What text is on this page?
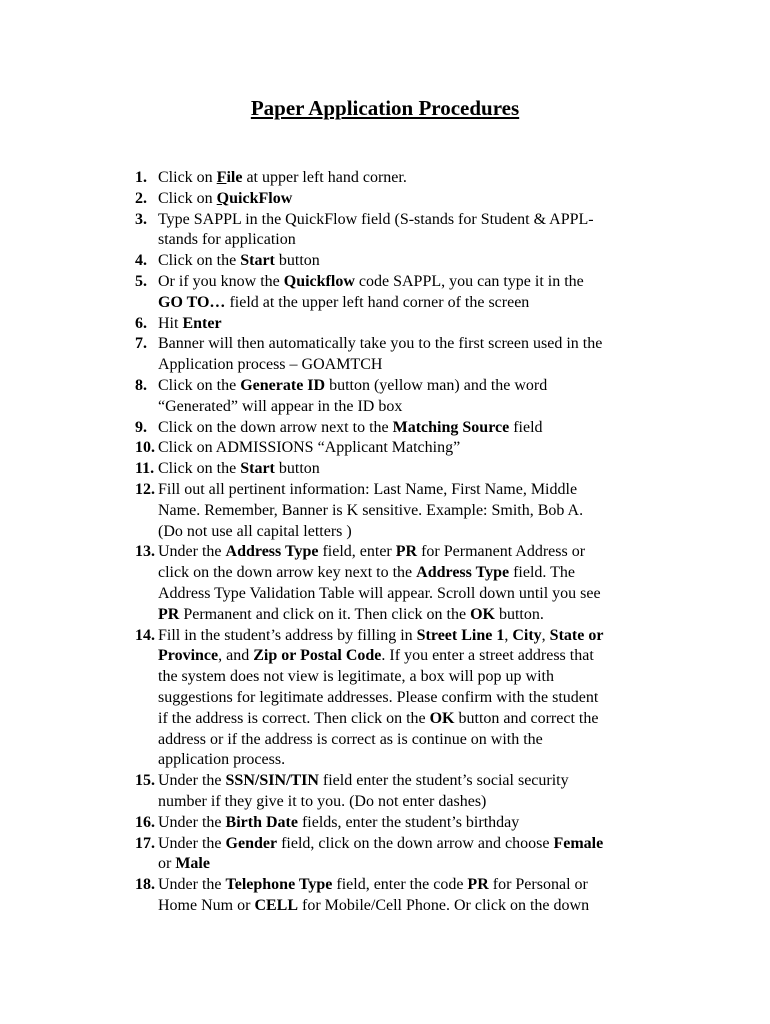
Paper Application Procedures
1. Click on File at upper left hand corner.
2. Click on QuickFlow
3. Type SAPPL in the QuickFlow field (S-stands for Student & APPL-
stands for application
4. Click on the Start button
5. Or if you know the Quickflow code SAPPL, you can type it in the
GO TO… field at the upper left hand corner of the screen
6. Hit Enter
7. Banner will then automatically take you to the first screen used in the
Application process – GOAMTCH
8. Click on the Generate ID button (yellow man) and the word
“Generated” will appear in the ID box
9. Click on the down arrow next to the Matching Source field
10. Click on ADMISSIONS “Applicant Matching”
11. Click on the Start button
12. Fill out all pertinent information: Last Name, First Name, Middle
Name. Remember, Banner is K sensitive. Example: Smith, Bob A.
(Do not use all capital letters )
13. Under the Address Type field, enter PR for Permanent Address or
click on the down arrow key next to the Address Type field. The
Address Type Validation Table will appear. Scroll down until you see
PR Permanent and click on it. Then click on the OK button.
14. Fill in the student’s address by filling in Street Line 1, City, State or
Province, and Zip or Postal Code. If you enter a street address that
the system does not view is legitimate, a box will pop up with
suggestions for legitimate addresses. Please confirm with the student
if the address is correct. Then click on the OK button and correct the
address or if the address is correct as is continue on with the
application process.
15. Under the SSN/SIN/TIN field enter the student’s social security
number if they give it to you. (Do not enter dashes)
16. Under the Birth Date fields, enter the student’s birthday
17. Under the Gender field, click on the down arrow and choose Female
or Male
18. Under the Telephone Type field, enter the code PR for Personal or
Home Num or CELL for Mobile/Cell Phone. Or click on the down
